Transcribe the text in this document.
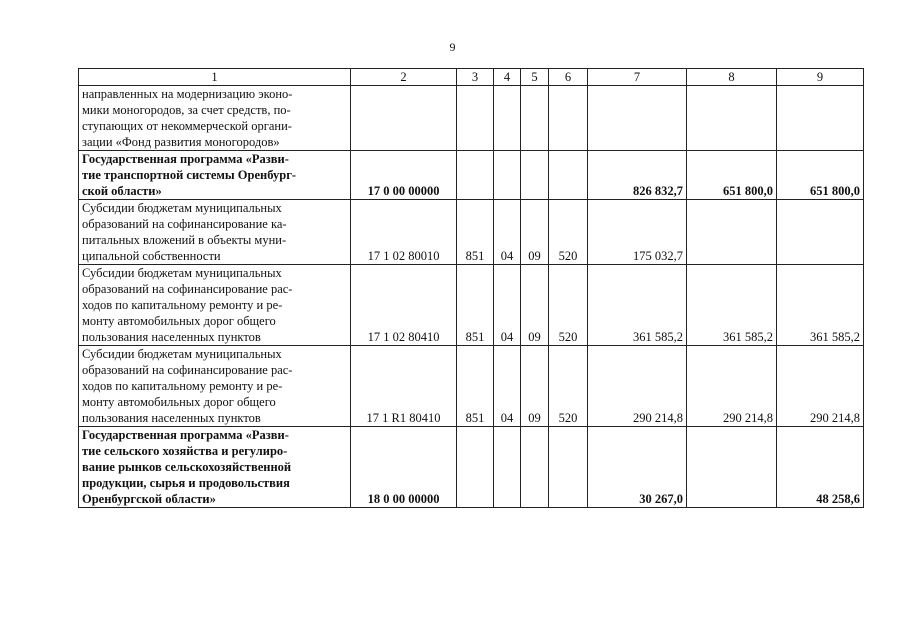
9
1	2	3	4	5	6	7	8	9

направленных на модернизацию эконо-
мики моногородов, за счет средств, по-
ступающих от некоммерческой органи-
зации «Фонд развития моногородов»								

Государственная программа «Разви-
тие транспортной системы Оренбург-
ской области»	17 0 00 00000					826 832,7	651 800,0	651 800,0

Субсидии бюджетам муниципальных
образований на софинансирование ка-
питальных вложений в объекты муни-
ципальной собственности	17 1 02 80010	851	04	09	520	175 032,7		

Субсидии бюджетам муниципальных
образований на софинансирование рас-
ходов по капитальному ремонту и ре-
монту автомобильных дорог общего
пользования населенных пунктов	17 1 02 80410	851	04	09	520	361 585,2	361 585,2	361 585,2

Субсидии бюджетам муниципальных
образований на софинансирование рас-
ходов по капитальному ремонту и ре-
монту автомобильных дорог общего
пользования населенных пунктов	17 1 R1 80410	851	04	09	520	290 214,8	290 214,8	290 214,8

Государственная программа «Разви-
тие сельского хозяйства и регулиро-
вание рынков сельскохозяйственной
продукции, сырья и продовольствия
Оренбургской области»	18 0 00 00000					30 267,0		48 258,6
